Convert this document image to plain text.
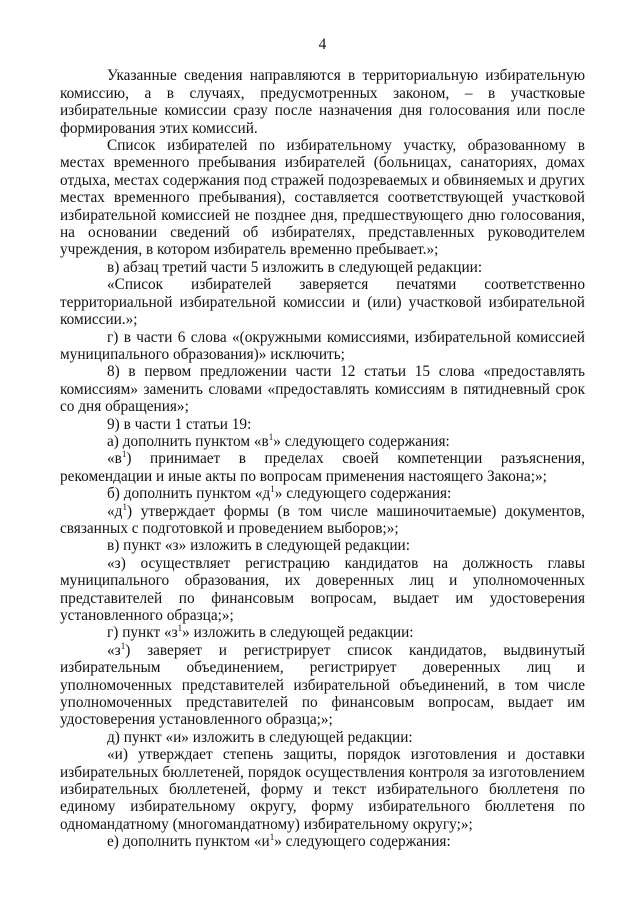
4

Указанные сведения направляются в территориальную избирательную комиссию, а в случаях, предусмотренных законом, – в участковые избирательные комиссии сразу после назначения дня голосования или после формирования этих комиссий.

Список избирателей по избирательному участку, образованному в местах временного пребывания избирателей (больницах, санаториях, домах отдыха, местах содержания под стражей подозреваемых и обвиняемых и других местах временного пребывания), составляется соответствующей участковой избирательной комиссией не позднее дня, предшествующего дню голосования, на основании сведений об избирателях, представленных руководителем учреждения, в котором избиратель временно пребывает.»;

в) абзац третий части 5 изложить в следующей редакции:

«Список избирателей заверяется печатями соответственно территориальной избирательной комиссии и (или) участковой избирательной комиссии.»;

г) в части 6 слова «(окружными комиссиями, избирательной комиссией муниципального образования)» исключить;

8) в первом предложении части 12 статьи 15 слова «предоставлять комиссиям» заменить словами «предоставлять комиссиям в пятидневный срок со дня обращения»;

9) в части 1 статьи 19:

а) дополнить пунктом «$в^1$» следующего содержания:

«$в^1$) принимает в пределах своей компетенции разъяснения, рекомендации и иные акты по вопросам применения настоящего Закона;»;

б) дополнить пунктом «$д^1$» следующего содержания:

«$д^1$) утверждает формы (в том числе машиночитаемые) документов, связанных с подготовкой и проведением выборов;»;

в) пункт «з» изложить в следующей редакции:

«з) осуществляет регистрацию кандидатов на должность главы муниципального образования, их доверенных лиц и уполномоченных представителей по финансовым вопросам, выдает им удостоверения установленного образца;»;

г) пункт «$з^1$» изложить в следующей редакции:

«$з^1$) заверяет и регистрирует список кандидатов, выдвинутый избирательным объединением, регистрирует доверенных лиц и уполномоченных представителей избирательной объединений, в том числе уполномоченных представителей по финансовым вопросам, выдает им удостоверения установленного образца;»;

д) пункт «и» изложить в следующей редакции:

«и) утверждает степень защиты, порядок изготовления и доставки избирательных бюллетеней, порядок осуществления контроля за изготовлением избирательных бюллетеней, форму и текст избирательного бюллетеня по единому избирательному округу, форму избирательного бюллетеня по одномандатному (многомандатному) избирательному округу;»;

е) дополнить пунктом «$и^1$» следующего содержания:
